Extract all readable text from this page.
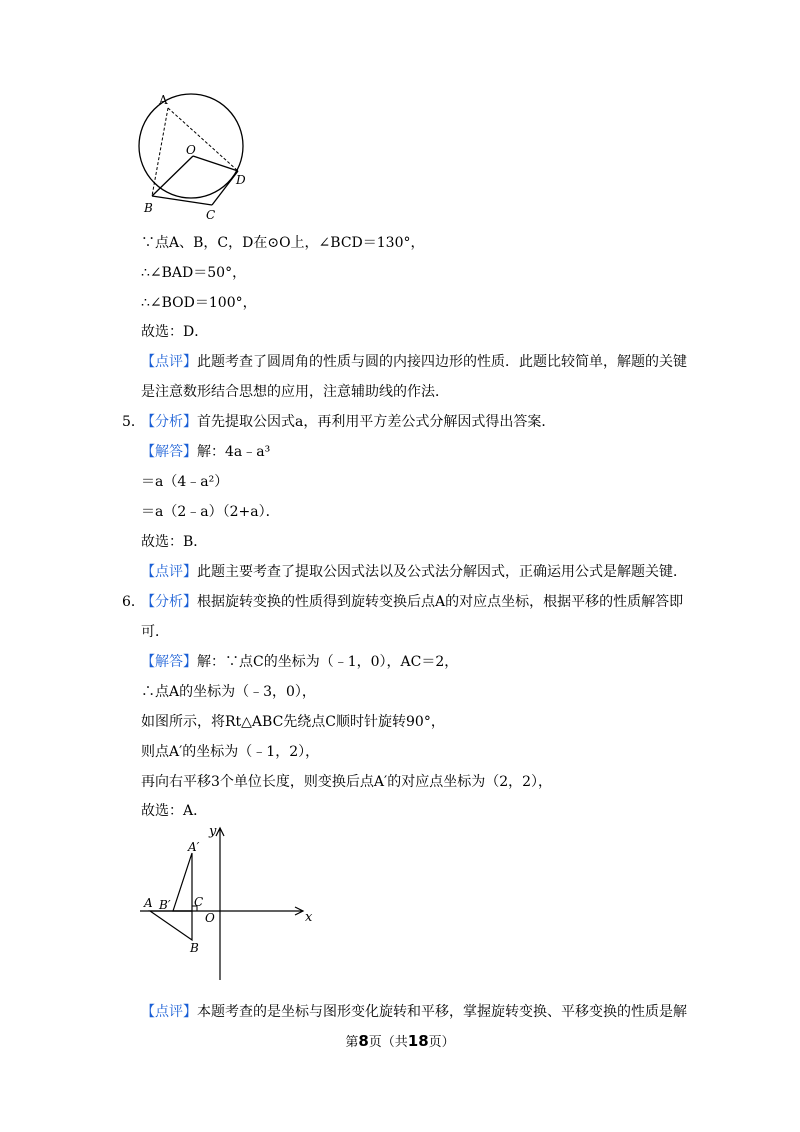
A
O
D
B	C
∵点A、B，C，D在⊙O上，∠BCD＝130°，
∴∠BAD＝50°，
∴∠BOD＝100°，
故选：D．
【点评】此题考查了圆周角的性质与圆的内接四边形的性质．此题比较简单，解题的关键
是注意数形结合思想的应用，注意辅助线的作法．
5．
【分析】首先提取公因式a，再利用平方差公式分解因式得出答案．
【解答】解：4a﹣a³
＝a（4﹣a²）
＝a（2﹣a）（2+a）．
故选：B．
【点评】此题主要考查了提取公因式法以及公式法分解因式，正确运用公式是解题关键．
6．
【分析】根据旋转变换的性质得到旋转变换后点A的对应点坐标，根据平移的性质解答即
可．
【解答】解：∵点C的坐标为（﹣1，0），AC＝2，
∴点A的坐标为（﹣3，0），
如图所示，将Rt△ABC先绕点C顺时针旋转90°，
则点A′的坐标为（﹣1，2），
再向右平移3个单位长度，则变换后点A′的对应点坐标为（2，2），
故选：A．
y
x
A′
A B′ C
O
B
【点评】本题考查的是坐标与图形变化旋转和平移，掌握旋转变换、平移变换的性质是解
第8页（共18页）
